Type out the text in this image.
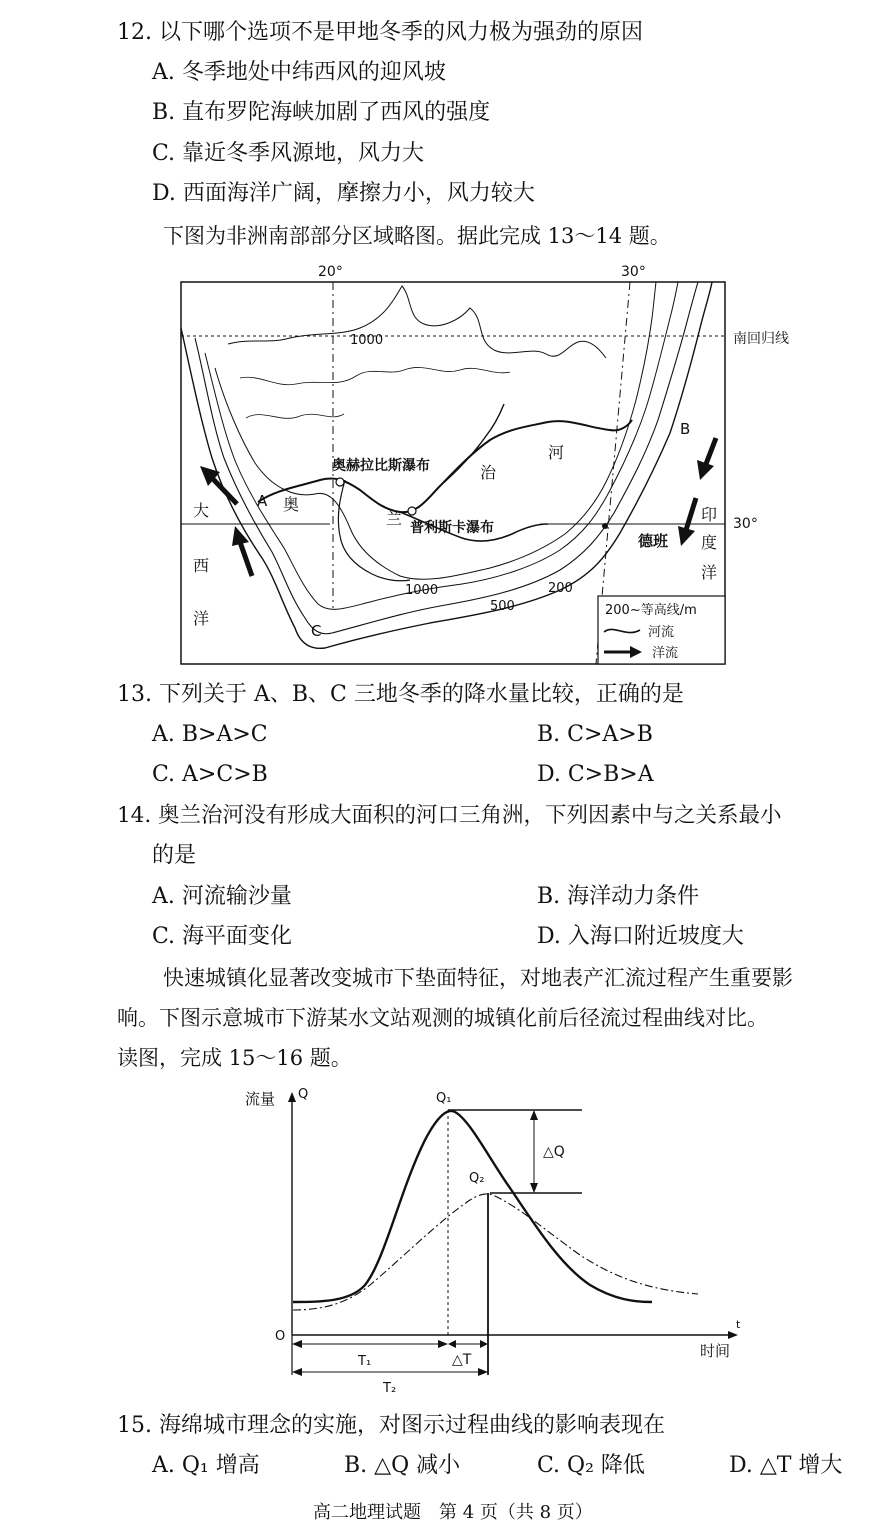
12. 以下哪个选项不是甲地冬季的风力极为强劲的原因
A. 冬季地处中纬西风的迎风坡
B. 直布罗陀海峡加剧了西风的强度
C. 靠近冬季风源地，风力大
D. 西面海洋广阔，摩擦力小，风力较大
下图为非洲南部部分区域略图。据此完成 13～14 题。
20°	30°
南回归线
30°
1000
1000
500
200
奥赫拉比斯瀑布
普利斯卡瀑布
奥
兰
治
河
A
B
C
德班
大
西
洋
印
度
洋
200~等高线/m
河流
洋流
13. 下列关于 A、B、C 三地冬季的降水量比较，正确的是
A. B>A>C	B. C>A>B
C. A>C>B	D. C>B>A
14. 奥兰治河没有形成大面积的河口三角洲，下列因素中与之关系最小
的是
A. 河流输沙量	B. 海洋动力条件
C. 海平面变化	D. 入海口附近坡度大
快速城镇化显著改变城市下垫面特征，对地表产汇流过程产生重要影
响。下图示意城市下游某水文站观测的城镇化前后径流过程曲线对比。
读图，完成 15～16 题。
流量 Q
t
时间
O
△Q
Q₁
Q₂
T₁	△T
T₂
15. 海绵城市理念的实施，对图示过程曲线的影响表现在
A. Q₁ 增高	B. △Q 减小	C. Q₂ 降低	D. △T 增大
高二地理试题　第 4 页（共 8 页）
